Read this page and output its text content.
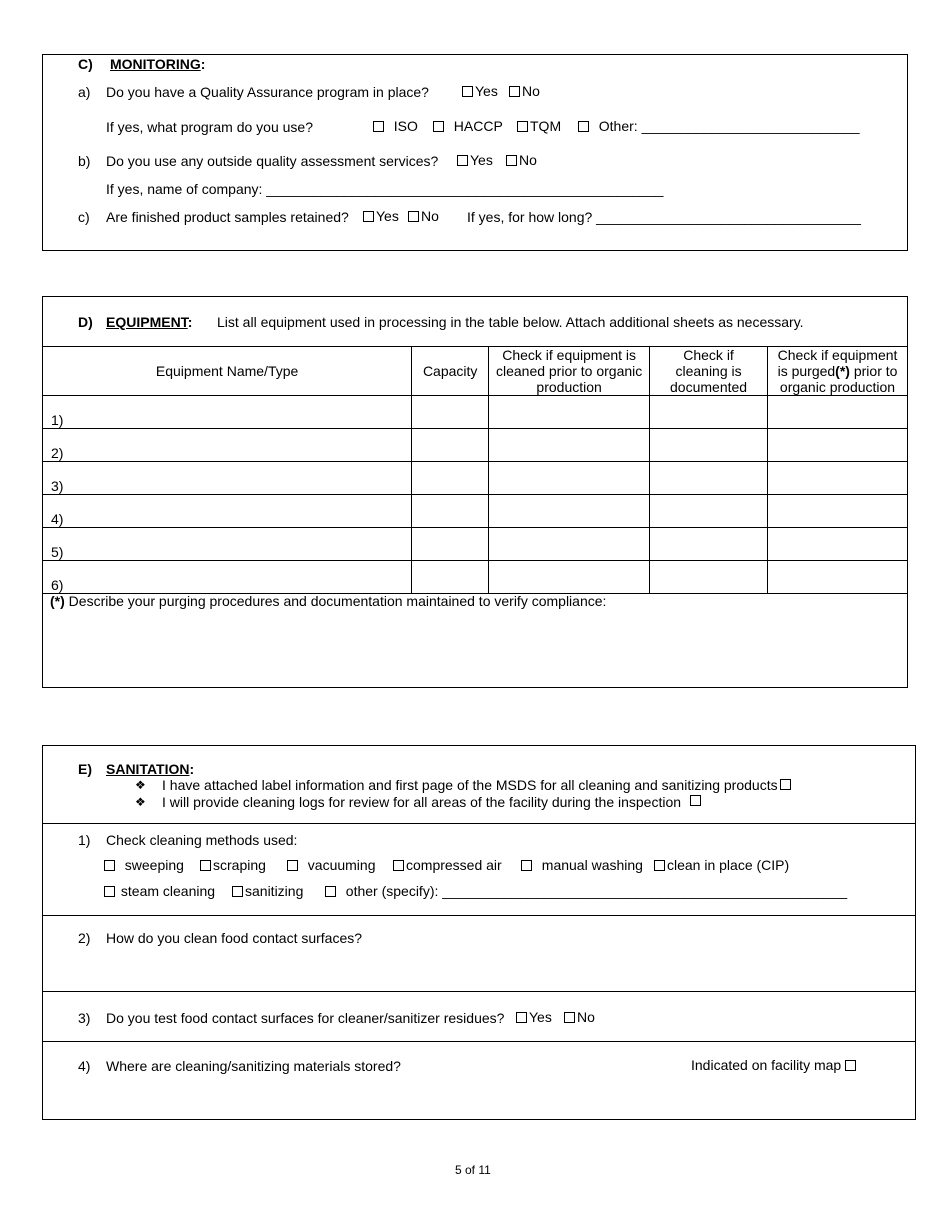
C) MONITORING:
a) Do you have a Quality Assurance program in place?	Yes	No
If yes, what program do you use?	ISO	HACCP	TQM	Other: ____________________________
b) Do you use any outside quality assessment services?	Yes	No
If yes, name of company: ___________________________________________________
c) Are finished product samples retained?	Yes	No If yes, for how long? __________________________________
D) EQUIPMENT: List all equipment used in processing in the table below. Attach additional sheets as necessary.
Equipment Name/Type	Capacity	Check if equipment is cleaned prior to organic production	Check if cleaning is documented	Check if equipment is purged(*) prior to organic production

1)				
2)				
3)				
4)				
5)				
6)				
(*) Describe your purging procedures and documentation maintained to verify compliance:
E) SANITATION:
❖ I have attached label information and first page of the MSDS for all cleaning and sanitizing products
❖ I will provide cleaning logs for review for all areas of the facility during the inspection
1) Check cleaning methods used:
sweeping	scraping	vacuuming	compressed air	manual washing	clean in place (CIP)
steam cleaning	sanitizing	other (specify): ____________________________________________________
2) How do you clean food contact surfaces?
3) Do you test food contact surfaces for cleaner/sanitizer residues?	Yes	No
4) Where are cleaning/sanitizing materials stored?	Indicated on facility map
5 of 11
